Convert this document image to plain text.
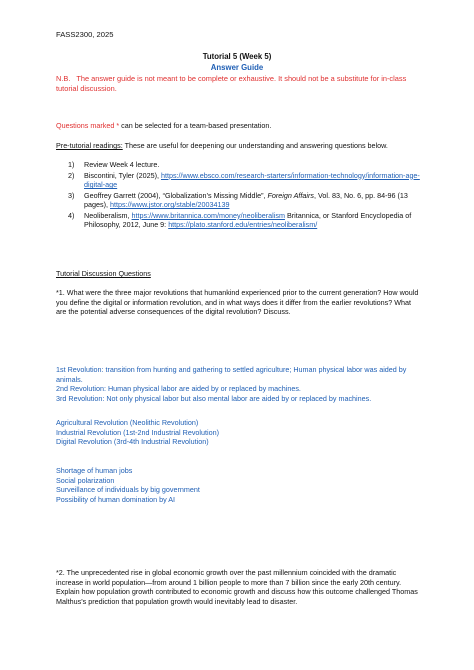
FASS2300, 2025
Tutorial 5 (Week 5)
Answer Guide
N.B. The answer guide is not meant to be complete or exhaustive. It should not be a substitute for in-class tutorial discussion.
Questions marked * can be selected for a team-based presentation.
Pre-tutorial readings: These are useful for deepening our understanding and answering questions below.
1) Review Week 4 lecture.
2) Biscontini, Tyler (2025), https://www.ebsco.com/research-starters/information-technology/information-age-digital-age
3) Geoffrey Garrett (2004), “Globalization’s Missing Middle”, Foreign Affairs, Vol. 83, No. 6, pp. 84-96 (13 pages), https://www.jstor.org/stable/20034139
4) Neoliberalism, https://www.britannica.com/money/neoliberalism Britannica, or Stanford Encyclopedia of Philosophy, 2012, June 9: https://plato.stanford.edu/entries/neoliberalism/
Tutorial Discussion Questions
*1. What were the three major revolutions that humankind experienced prior to the current generation? How would you define the digital or information revolution, and in what ways does it differ from the earlier revolutions? What are the potential adverse consequences of the digital revolution? Discuss.

1st Revolution: transition from hunting and gathering to settled agriculture; Human physical labor was aided by animals.

2nd Revolution: Human physical labor are aided by or replaced by machines.

3rd Revolution: Not only physical labor but also mental labor are aided by or replaced by machines.

Agricultural Revolution (Neolithic Revolution)

Industrial Revolution (1st-2nd Industrial Revolution)

Digital Revolution (3rd-4th Industrial Revolution)

Shortage of human jobs

Social polarization

Surveillance of individuals by big government

Possibility of human domination by AI

*2. The unprecedented rise in global economic growth over the past millennium coincided with the dramatic increase in world population—from around 1 billion people to more than 7 billion since the early 20th century. Explain how population growth contributed to economic growth and discuss how this outcome challenged Thomas Malthus’s prediction that population growth would inevitably lead to disaster.
